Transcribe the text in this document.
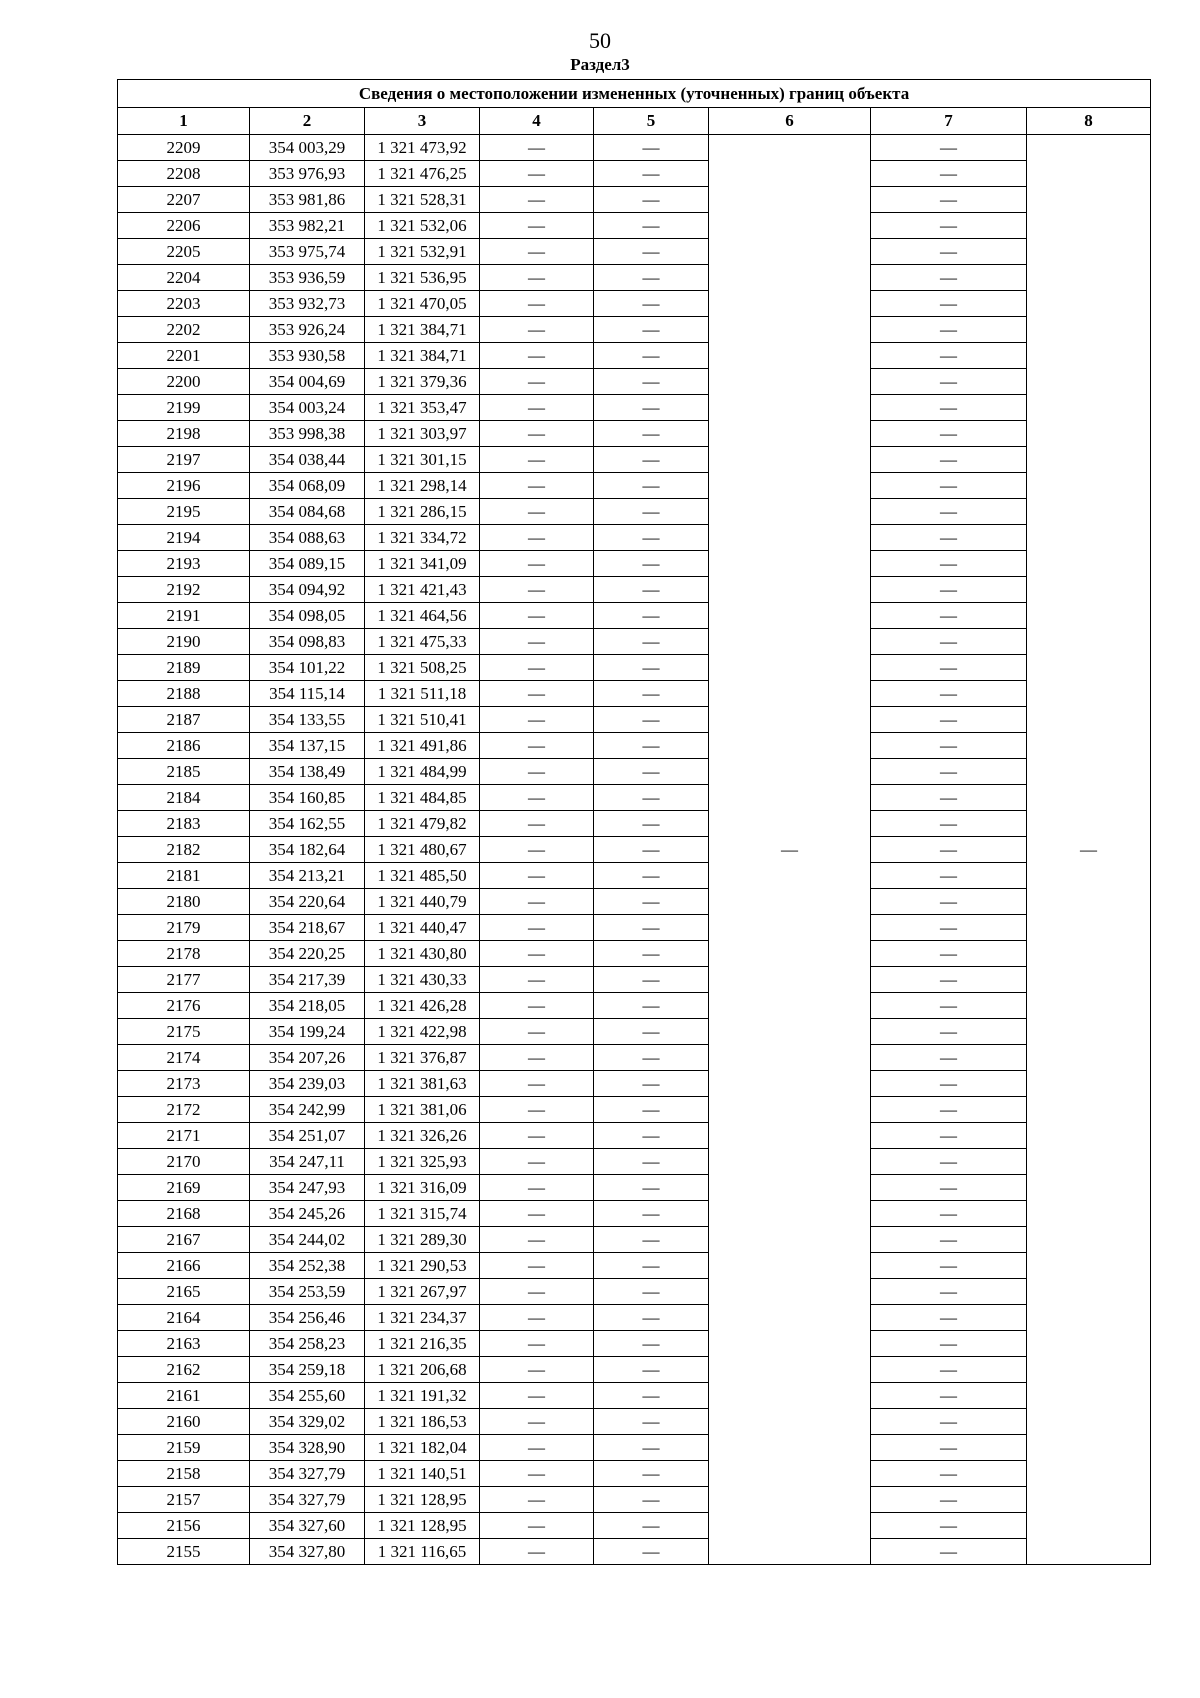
50
Раздел3
Сведения о местоположении измененных (уточненных) границ объекта							
1	2	3	4	5	6	7	8
2209	354 003,29	1 321 473,92	—	—	—	—	—
2208	353 976,93	1 321 476,25	—	—		—	
2207	353 981,86	1 321 528,31	—	—		—	
2206	353 982,21	1 321 532,06	—	—		—	
2205	353 975,74	1 321 532,91	—	—		—	
2204	353 936,59	1 321 536,95	—	—		—	
2203	353 932,73	1 321 470,05	—	—		—	
2202	353 926,24	1 321 384,71	—	—		—	
2201	353 930,58	1 321 384,71	—	—		—	
2200	354 004,69	1 321 379,36	—	—		—	
2199	354 003,24	1 321 353,47	—	—		—	
2198	353 998,38	1 321 303,97	—	—		—	
2197	354 038,44	1 321 301,15	—	—		—	
2196	354 068,09	1 321 298,14	—	—		—	
2195	354 084,68	1 321 286,15	—	—		—	
2194	354 088,63	1 321 334,72	—	—		—	
2193	354 089,15	1 321 341,09	—	—		—	
2192	354 094,92	1 321 421,43	—	—		—	
2191	354 098,05	1 321 464,56	—	—		—	
2190	354 098,83	1 321 475,33	—	—		—	
2189	354 101,22	1 321 508,25	—	—		—	
2188	354 115,14	1 321 511,18	—	—		—	
2187	354 133,55	1 321 510,41	—	—		—	
2186	354 137,15	1 321 491,86	—	—		—	
2185	354 138,49	1 321 484,99	—	—		—	
2184	354 160,85	1 321 484,85	—	—		—	
2183	354 162,55	1 321 479,82	—	—		—	
2182	354 182,64	1 321 480,67	—	—		—	
2181	354 213,21	1 321 485,50	—	—		—	
2180	354 220,64	1 321 440,79	—	—		—	
2179	354 218,67	1 321 440,47	—	—		—	
2178	354 220,25	1 321 430,80	—	—		—	
2177	354 217,39	1 321 430,33	—	—		—	
2176	354 218,05	1 321 426,28	—	—		—	
2175	354 199,24	1 321 422,98	—	—		—	
2174	354 207,26	1 321 376,87	—	—		—	
2173	354 239,03	1 321 381,63	—	—		—	
2172	354 242,99	1 321 381,06	—	—		—	
2171	354 251,07	1 321 326,26	—	—		—	
2170	354 247,11	1 321 325,93	—	—		—	
2169	354 247,93	1 321 316,09	—	—		—	
2168	354 245,26	1 321 315,74	—	—		—	
2167	354 244,02	1 321 289,30	—	—		—	
2166	354 252,38	1 321 290,53	—	—		—	
2165	354 253,59	1 321 267,97	—	—		—	
2164	354 256,46	1 321 234,37	—	—		—	
2163	354 258,23	1 321 216,35	—	—		—	
2162	354 259,18	1 321 206,68	—	—		—	
2161	354 255,60	1 321 191,32	—	—		—	
2160	354 329,02	1 321 186,53	—	—		—	
2159	354 328,90	1 321 182,04	—	—		—	
2158	354 327,79	1 321 140,51	—	—		—	
2157	354 327,79	1 321 128,95	—	—		—	
2156	354 327,60	1 321 128,95	—	—		—	
2155	354 327,80	1 321 116,65	—	—		—	
